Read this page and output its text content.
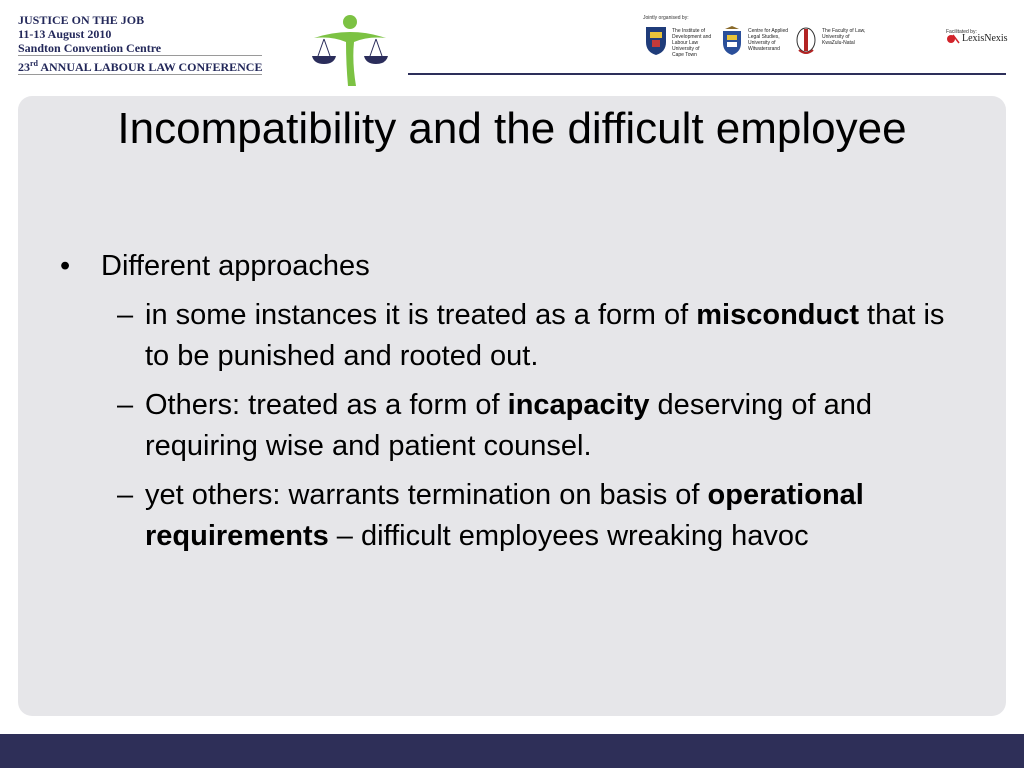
JUSTICE ON THE JOB
11-13 August 2010
Sandton Convention Centre
23rd ANNUAL LABOUR LAW CONFERENCE
Jointly organised by:
The Institute of Development and Labour Law University of Cape Town
Centre for Applied Legal Studies, University of Witwatersrand
The Faculty of Law, University of KwaZulu-Natal
Facilitated by:
LexisNexis
Incompatibility and the difficult employee
• Different approaches
– in some instances it is treated as a form of misconduct that is to be punished and rooted out.
– Others: treated as a form of incapacity deserving of and requiring wise and patient counsel.
– yet others: warrants termination on basis of operational requirements – difficult employees wreaking havoc
